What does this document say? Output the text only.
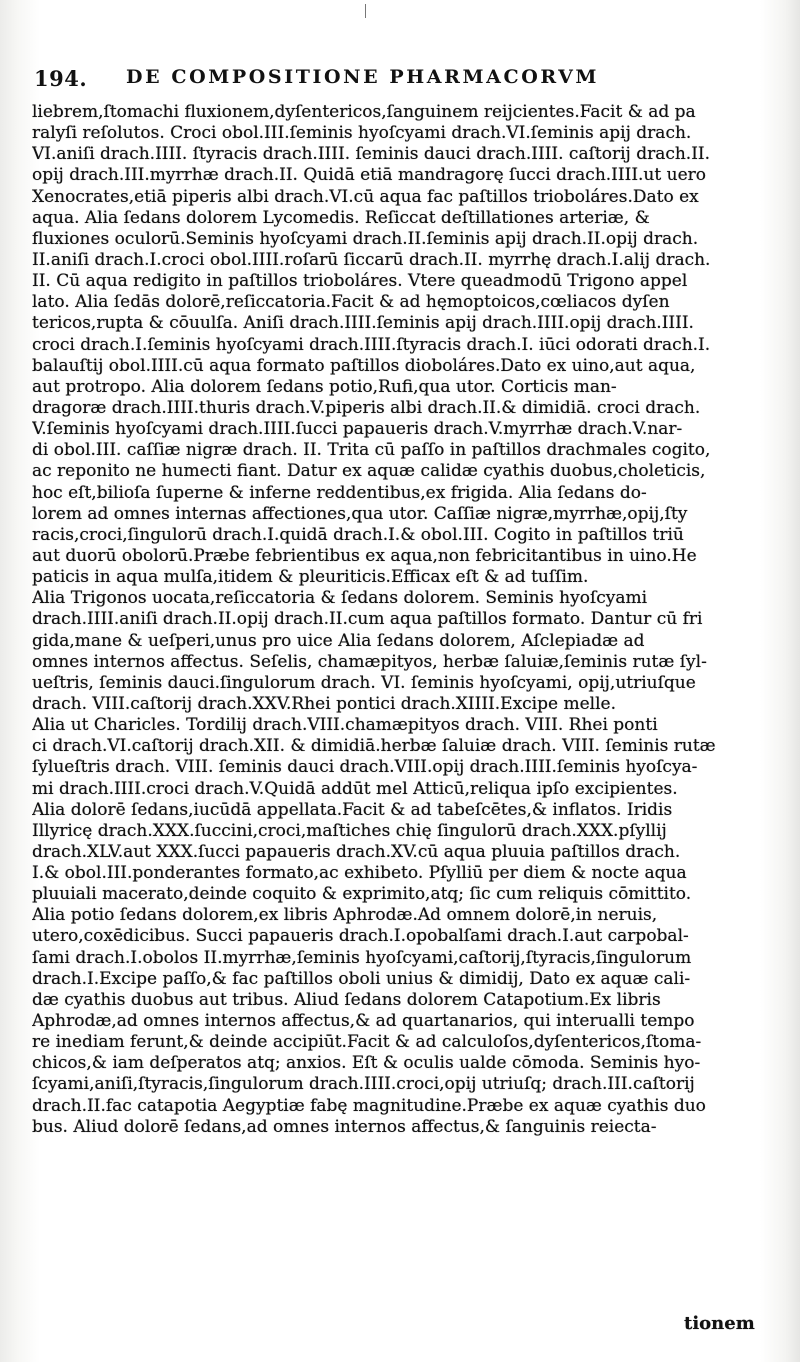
194. DE COMPOSITIONE PHARMACORVM
liebrem,ſtomachi fluxionem,dyſentericos,ſanguinem reijcientes.Facit & ad pa
ralyſi reſolutos. Croci obol.III.ſeminis hyoſcyami drach.VI.ſeminis apij drach.
VI.aniſi drach.IIII. ſtyracis drach.IIII. ſeminis dauci drach.IIII. caſtorij drach.II.
opij drach.III.myrrhæ drach.II. Quidā etiā mandragorę ſucci drach.IIII.ut uero
Xenocrates,etiā piperis albi drach.VI.cū aqua fac paſtillos trioboláres.Dato ex
aqua. Alia ſedans dolorem Lycomedis. Reſiccat deſtillationes arteriæ, &
fluxiones oculorū.Seminis hyoſcyami drach.II.ſeminis apij drach.II.opij drach.
II.aniſi drach.I.croci obol.IIII.roſarū ſiccarū drach.II. myrrhę drach.I.alij drach.
II. Cū aqua redigito in paſtillos trioboláres. Vtere queadmodū Trigono appel
lato. Alia ſedās dolorē,reſiccatoria.Facit & ad hęmoptoicos,cœliacos dyſen
tericos,rupta & cōuulſa. Aniſi drach.IIII.ſeminis apij drach.IIII.opij drach.IIII.
croci drach.I.ſeminis hyoſcyami drach.IIII.ſtyracis drach.I. iūci odorati drach.I.
balauſtij obol.IIII.cū aqua formato paſtillos dioboláres.Dato ex uino,aut aqua,
aut protropo. Alia dolorem ſedans potio,Rufi,qua utor. Corticis man-
dragoræ drach.IIII.thuris drach.V.piperis albi drach.II.& dimidiā. croci drach.
V.ſeminis hyoſcyami drach.IIII.ſucci papaueris drach.V.myrrhæ drach.V.nar-
di obol.III. caſſiæ nigræ drach. II. Trita cū paſſo in paſtillos drachmales cogito,
ac reponito ne humecti fiant. Datur ex aquæ calidæ cyathis duobus,choleticis,
hoc eſt,bilioſa ſuperne & inferne reddentibus,ex frigida. Alia ſedans do-
lorem ad omnes internas affectiones,qua utor. Caſſiæ nigræ,myrrhæ,opij,ſty
racis,croci,ſingulorū drach.I.quidā drach.I.& obol.III. Cogito in paſtillos triū
aut duorū obolorū.Præbe febrientibus ex aqua,non febricitantibus in uino.He
paticis in aqua mulſa,itidem & pleuriticis.Efficax eſt & ad tuſſim.
Alia Trigonos uocata,reſiccatoria & ſedans dolorem. Seminis hyoſcyami
drach.IIII.aniſi drach.II.opij drach.II.cum aqua paſtillos formato. Dantur cū fri
gida,mane & ueſperi,unus pro uice Alia ſedans dolorem, Aſclepiadæ ad
omnes internos affectus. Seſelis, chamæpityos, herbæ ſaluiæ,ſeminis rutæ ſyl-
ueſtris, ſeminis dauci.ſingulorum drach. VI. ſeminis hyoſcyami, opij,utriuſque
drach. VIII.caſtorij drach.XXV.Rhei pontici drach.XIIII.Excipe melle.
Alia ut Charicles. Tordilij drach.VIII.chamæpityos drach. VIII. Rhei ponti
ci drach.VI.caſtorij drach.XII. & dimidiā.herbæ ſaluiæ drach. VIII. ſeminis rutæ
ſylueſtris drach. VIII. ſeminis dauci drach.VIII.opij drach.IIII.ſeminis hyoſcya-
mi drach.IIII.croci drach.V.Quidā addūt mel Atticū,reliqua ipſo excipientes.
Alia dolorē ſedans,iucūdā appellata.Facit & ad tabeſcētes,& inflatos. Iridis
Illyricę drach.XXX.ſuccini,croci,maſtiches chię ſingulorū drach.XXX.pſyllij
drach.XLV.aut XXX.ſucci papaueris drach.XV.cū aqua pluuia paſtillos drach.
I.& obol.III.ponderantes formato,ac exhibeto. Pſylliū per diem & nocte aqua
pluuiali macerato,deinde coquito & exprimito,atq; ſic cum reliquis cōmittito.
Alia potio ſedans dolorem,ex libris Aphrodæ.Ad omnem dolorē,in neruis,
utero,coxēdicibus. Succi papaueris drach.I.opobalſami drach.I.aut carpobal-
ſami drach.I.obolos II.myrrhæ,ſeminis hyoſcyami,caſtorij,ſtyracis,ſingulorum
drach.I.Excipe paſſo,& fac paſtillos oboli unius & dimidij, Dato ex aquæ cali-
dæ cyathis duobus aut tribus. Aliud ſedans dolorem Catapotium.Ex libris
Aphrodæ,ad omnes internos affectus,& ad quartanarios, qui interualli tempo
re inediam ferunt,& deinde accipiūt.Facit & ad calculoſos,dyſentericos,ſtoma-
chicos,& iam deſperatos atq; anxios. Eſt & oculis ualde cōmoda. Seminis hyo-
ſcyami,aniſi,ſtyracis,ſingulorum drach.IIII.croci,opij utriuſq; drach.III.caſtorij
drach.II.fac catapotia Aegyptiæ fabę magnitudine.Præbe ex aquæ cyathis duo
bus. Aliud dolorē ſedans,ad omnes internos affectus,& ſanguinis reiecta-
tionem
